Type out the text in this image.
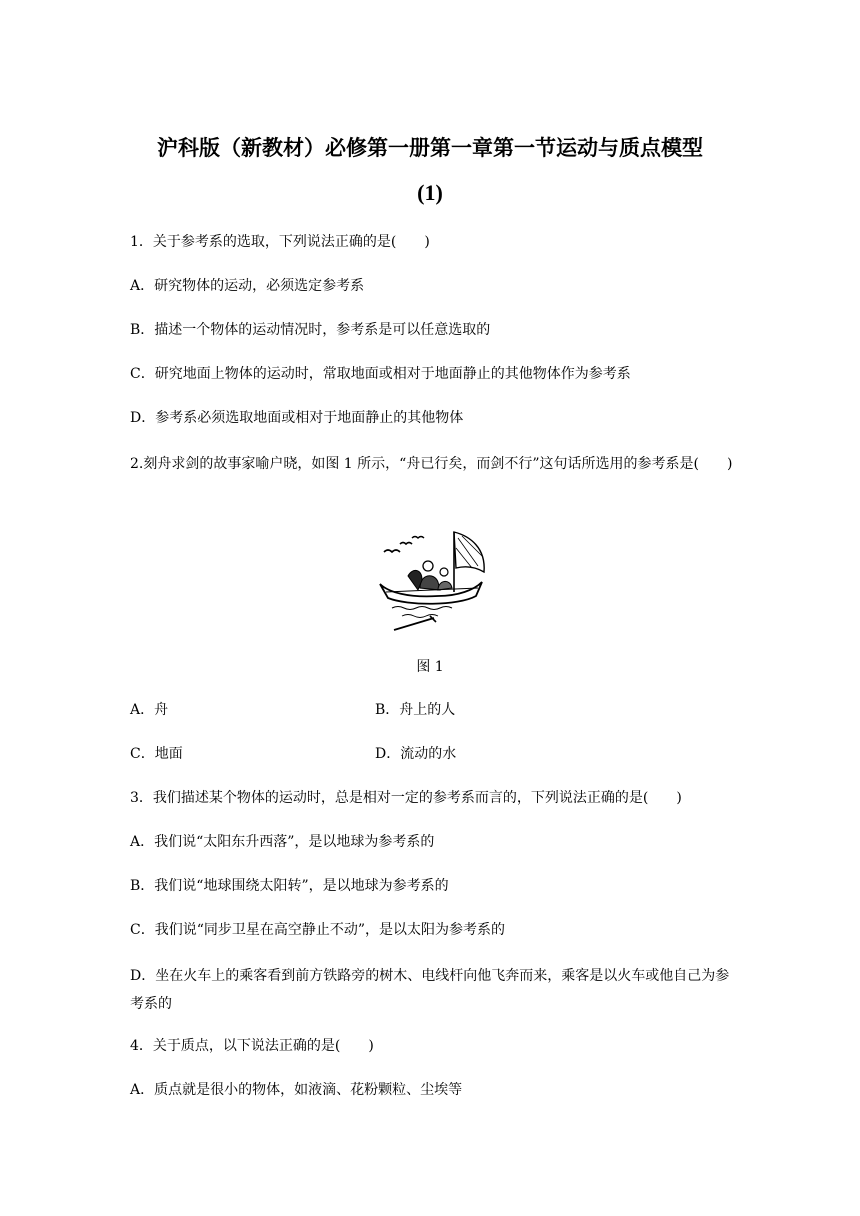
沪科版（新教材）必修第一册第一章第一节运动与质点模型
(1)

1．关于参考系的选取，下列说法正确的是(　　)

A．研究物体的运动，必须选定参考系

B．描述一个物体的运动情况时，参考系是可以任意选取的

C．研究地面上物体的运动时，常取地面或相对于地面静止的其他物体作为参考系

D．参考系必须选取地面或相对于地面静止的其他物体

2.刻舟求剑的故事家喻户晓，如图 1 所示，“舟已行矣，而剑不行”这句话所选用的参考系是(　　)

图 1

A．舟	B．舟上的人

C．地面	D．流动的水

3．我们描述某个物体的运动时，总是相对一定的参考系而言的，下列说法正确的是(　　)

A．我们说“太阳东升西落”，是以地球为参考系的

B．我们说“地球围绕太阳转”，是以地球为参考系的

C．我们说“同步卫星在高空静止不动”，是以太阳为参考系的

D．坐在火车上的乘客看到前方铁路旁的树木、电线杆向他飞奔而来，乘客是以火车或他自己为参考系的

4．关于质点，以下说法正确的是(　　)

A．质点就是很小的物体，如液滴、花粉颗粒、尘埃等
